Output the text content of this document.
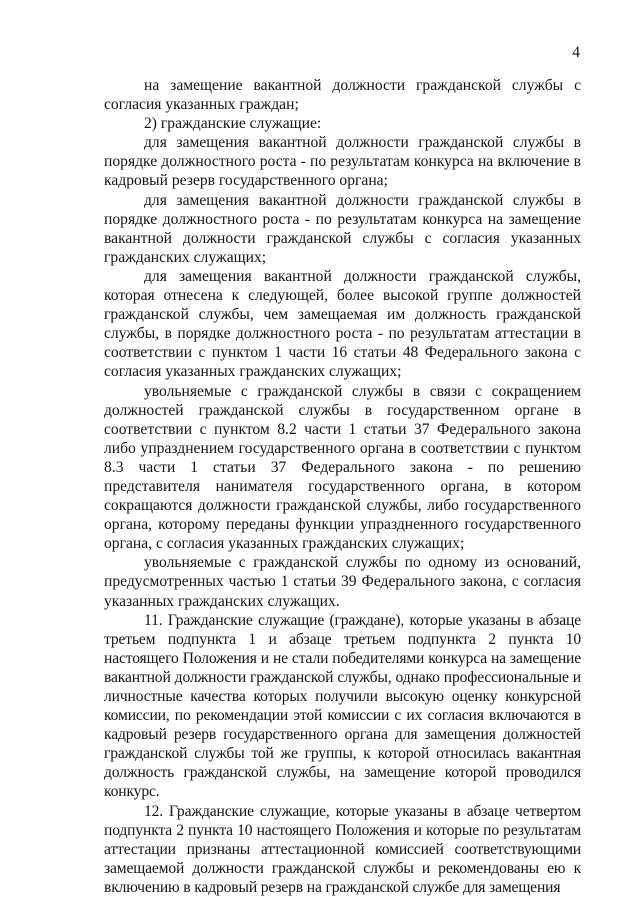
4

на замещение вакантной должности гражданской службы с согласия указанных граждан;

2) гражданские служащие:

для замещения вакантной должности гражданской службы в порядке должностного роста - по результатам конкурса на включение в кадровый резерв государственного органа;

для замещения вакантной должности гражданской службы в порядке должностного роста - по результатам конкурса на замещение вакантной должности гражданской службы с согласия указанных гражданских служащих;

для замещения вакантной должности гражданской службы, которая отнесена к следующей, более высокой группе должностей гражданской службы, чем замещаемая им должность гражданской службы, в порядке должностного роста - по результатам аттестации в соответствии с пунктом 1 части 16 статьи 48 Федерального закона с согласия указанных гражданских служащих;

увольняемые с гражданской службы в связи с сокращением должностей гражданской службы в государственном органе в соответствии с пунктом 8.2 части 1 статьи 37 Федерального закона либо упразднением государственного органа в соответствии с пунктом 8.3 части 1 статьи 37 Федерального закона - по решению представителя нанимателя государственного органа, в котором сокращаются должности гражданской службы, либо государственного органа, которому переданы функции упраздненного государственного органа, с согласия указанных гражданских служащих;

увольняемые с гражданской службы по одному из оснований, предусмотренных частью 1 статьи 39 Федерального закона, с согласия указанных гражданских служащих.

11. Гражданские служащие (граждане), которые указаны в абзаце третьем подпункта 1 и абзаце третьем подпункта 2 пункта 10 настоящего Положения и не стали победителями конкурса на замещение вакантной должности гражданской службы, однако профессиональные и личностные качества которых получили высокую оценку конкурсной комиссии, по рекомендации этой комиссии с их согласия включаются в кадровый резерв государственного органа для замещения должностей гражданской службы той же группы, к которой относилась вакантная должность гражданской службы, на замещение которой проводился конкурс.

12. Гражданские служащие, которые указаны в абзаце четвертом подпункта 2 пункта 10 настоящего Положения и которые по результатам аттестации признаны аттестационной комиссией соответствующими замещаемой должности гражданской службы и рекомендованы ею к включению в кадровый резерв на гражданской службе для замещения
